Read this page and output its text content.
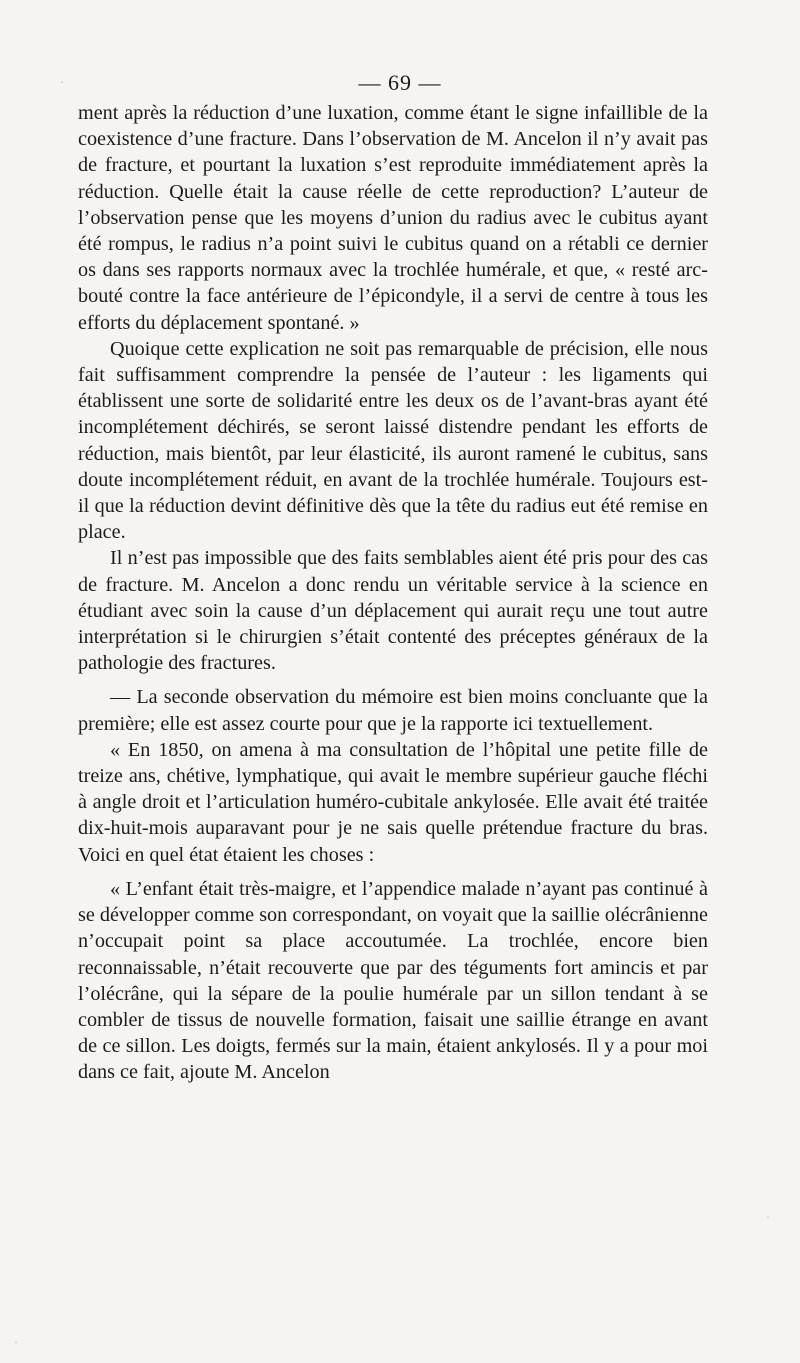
— 69 —

ment après la réduction d’une luxation, comme étant le signe infaillible de la coexistence d’une fracture. Dans l’observation de M. Ancelon il n’y avait pas de fracture, et pourtant la luxation s’est reproduite immédiatement après la réduction. Quelle était la cause réelle de cette reproduction? L’auteur de l’observation pense que les moyens d’union du radius avec le cubitus ayant été rompus, le radius n’a point suivi le cubitus quand on a rétabli ce dernier os dans ses rapports normaux avec la trochlée humérale, et que, « resté arc-bouté contre la face antérieure de l’épicondyle, il a servi de centre à tous les efforts du déplacement spontané. »

Quoique cette explication ne soit pas remarquable de précision, elle nous fait suffisamment comprendre la pensée de l’auteur : les ligaments qui établissent une sorte de solidarité entre les deux os de l’avant-bras ayant été incomplétement déchirés, se seront laissé distendre pendant les efforts de réduction, mais bientôt, par leur élasticité, ils auront ramené le cubitus, sans doute incomplétement réduit, en avant de la trochlée humérale. Toujours est-il que la réduction devint définitive dès que la tête du radius eut été remise en place.

Il n’est pas impossible que des faits semblables aient été pris pour des cas de fracture. M. Ancelon a donc rendu un véritable service à la science en étudiant avec soin la cause d’un déplacement qui aurait reçu une tout autre interprétation si le chirurgien s’était contenté des préceptes généraux de la pathologie des fractures.

— La seconde observation du mémoire est bien moins concluante que la première; elle est assez courte pour que je la rapporte ici textuellement.

« En 1850, on amena à ma consultation de l’hôpital une petite fille de treize ans, chétive, lymphatique, qui avait le membre supérieur gauche fléchi à angle droit et l’articulation huméro-cubitale ankylosée. Elle avait été traitée dix-huit-mois auparavant pour je ne sais quelle prétendue fracture du bras. Voici en quel état étaient les choses :

« L’enfant était très-maigre, et l’appendice malade n’ayant pas continué à se développer comme son correspondant, on voyait que la saillie olécrânienne n’occupait point sa place accoutumée. La trochlée, encore bien reconnaissable, n’était recouverte que par des téguments fort amincis et par l’olécrâne, qui la sépare de la poulie humérale par un sillon tendant à se combler de tissus de nouvelle formation, faisait une saillie étrange en avant de ce sillon. Les doigts, fermés sur la main, étaient ankylosés. Il y a pour moi dans ce fait, ajoute M. Ancelon

·
·
·
